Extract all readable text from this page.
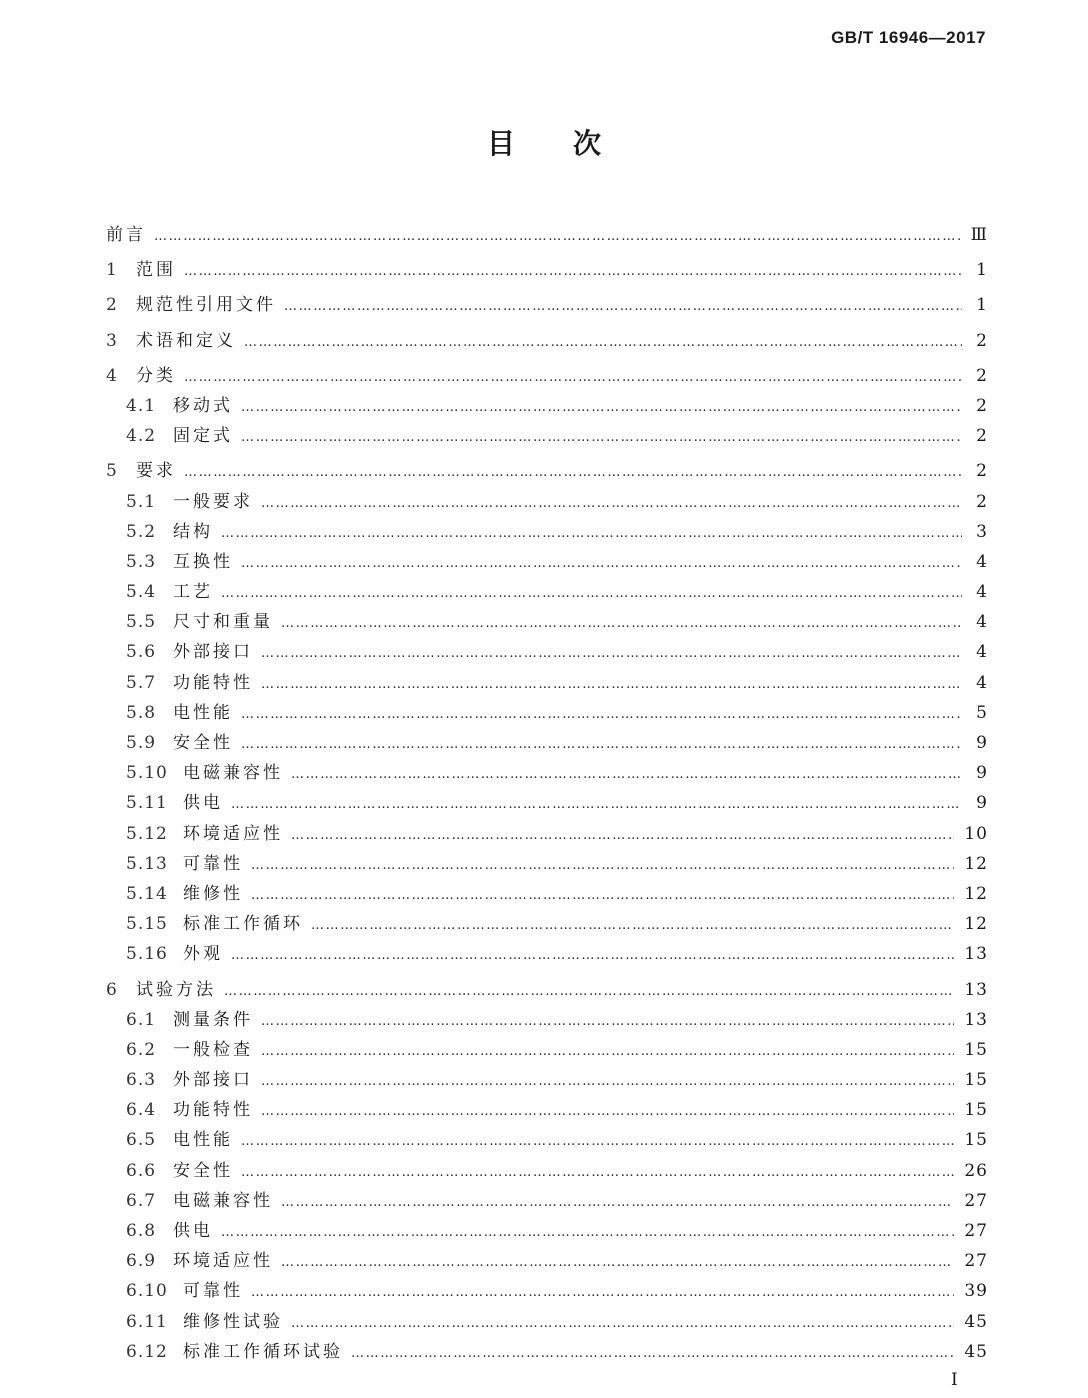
GB/T 16946—2017
目次
前言 ……………………………………………………………………………………………………………………………………………………………………………………………………………………	Ⅲ
1	范围 ……………………………………………………………………………………………………………………………………………………………………………………………………………………	1
2	规范性引用文件 ……………………………………………………………………………………………………………………………………………………………………………………………………………………	1
3	术语和定义 ……………………………………………………………………………………………………………………………………………………………………………………………………………………	2
4	分类 ……………………………………………………………………………………………………………………………………………………………………………………………………………………	2
4.1 移动式 ……………………………………………………………………………………………………………………………………………………………………………………………………………………	2
4.2 固定式 ……………………………………………………………………………………………………………………………………………………………………………………………………………………	2
5	要求 ……………………………………………………………………………………………………………………………………………………………………………………………………………………	2
5.1 一般要求 ……………………………………………………………………………………………………………………………………………………………………………………………………………………	2
5.2 结构 ……………………………………………………………………………………………………………………………………………………………………………………………………………………	3
5.3 互换性 ……………………………………………………………………………………………………………………………………………………………………………………………………………………	4
5.4 工艺 ……………………………………………………………………………………………………………………………………………………………………………………………………………………	4
5.5 尺寸和重量 ……………………………………………………………………………………………………………………………………………………………………………………………………………………	4
5.6 外部接口 ……………………………………………………………………………………………………………………………………………………………………………………………………………………	4
5.7 功能特性 ……………………………………………………………………………………………………………………………………………………………………………………………………………………	4
5.8 电性能 ……………………………………………………………………………………………………………………………………………………………………………………………………………………	5
5.9 安全性 ……………………………………………………………………………………………………………………………………………………………………………………………………………………	9
5.10 电磁兼容性 ……………………………………………………………………………………………………………………………………………………………………………………………………………………	9
5.11 供电 ……………………………………………………………………………………………………………………………………………………………………………………………………………………	9
5.12 环境适应性 ……………………………………………………………………………………………………………………………………………………………………………………………………………………	10
5.13 可靠性 ……………………………………………………………………………………………………………………………………………………………………………………………………………………	12
5.14 维修性 ……………………………………………………………………………………………………………………………………………………………………………………………………………………	12
5.15 标准工作循环 ……………………………………………………………………………………………………………………………………………………………………………………………………………………	12
5.16 外观 ……………………………………………………………………………………………………………………………………………………………………………………………………………………	13
6	试验方法 ……………………………………………………………………………………………………………………………………………………………………………………………………………………	13
6.1 测量条件 ……………………………………………………………………………………………………………………………………………………………………………………………………………………	13
6.2 一般检查 ……………………………………………………………………………………………………………………………………………………………………………………………………………………	15
6.3 外部接口 ……………………………………………………………………………………………………………………………………………………………………………………………………………………	15
6.4 功能特性 ……………………………………………………………………………………………………………………………………………………………………………………………………………………	15
6.5 电性能 ……………………………………………………………………………………………………………………………………………………………………………………………………………………	15
6.6 安全性 ……………………………………………………………………………………………………………………………………………………………………………………………………………………	26
6.7 电磁兼容性 ……………………………………………………………………………………………………………………………………………………………………………………………………………………	27
6.8 供电 ……………………………………………………………………………………………………………………………………………………………………………………………………………………	27
6.9 环境适应性 ……………………………………………………………………………………………………………………………………………………………………………………………………………………	27
6.10 可靠性 ……………………………………………………………………………………………………………………………………………………………………………………………………………………	39
6.11 维修性试验 ……………………………………………………………………………………………………………………………………………………………………………………………………………………	45
6.12 标准工作循环试验 ……………………………………………………………………………………………………………………………………………………………………………………………………………………	45
Ⅰ
